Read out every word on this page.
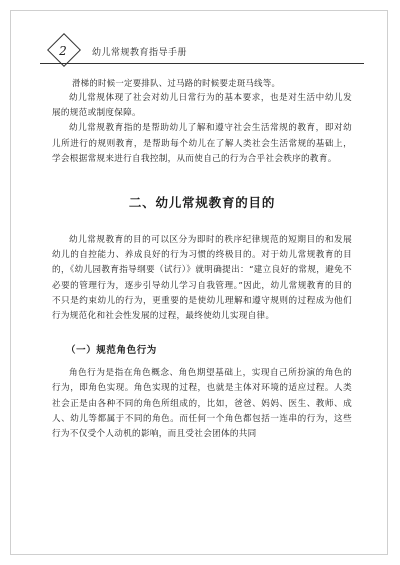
2	幼儿常规教育指导手册

滑梯的时候一定要排队、过马路的时候要走斑马线等。

幼儿常规体现了社会对幼儿日常行为的基本要求，也是对生活中幼儿发展的规范或制度保障。

幼儿常规教育指的是帮助幼儿了解和遵守社会生活常规的教育，即对幼儿所进行的规则教育，是帮助每个幼儿在了解人类社会生活常规的基础上，学会根据常规来进行自我控制，从而使自己的行为合乎社会秩序的教育。

二、幼儿常规教育的目的

幼儿常规教育的目的可以区分为即时的秩序纪律规范的短期目的和发展幼儿的自控能力、养成良好的行为习惯的终极目的。对于幼儿常规教育的目的，《幼儿园教育指导纲要（试行）》就明确提出：“建立良好的常规，避免不必要的管理行为，逐步引导幼儿学习自我管理。”因此，幼儿常规教育的目的不只是约束幼儿的行为，更重要的是使幼儿理解和遵守规则的过程成为他们行为规范化和社会性发展的过程，最终使幼儿实现自律。

（一）规范角色行为

角色行为是指在角色概念、角色期望基础上，实现自己所扮演的角色的行为，即角色实现。角色实现的过程，也就是主体对环境的适应过程。人类社会正是由各种不同的角色所组成的，比如，爸爸、妈妈、医生、教师、成人、幼儿等都属于不同的角色。而任何一个角色都包括一连串的行为，这些行为不仅受个人动机的影响，而且受社会团体的共同
